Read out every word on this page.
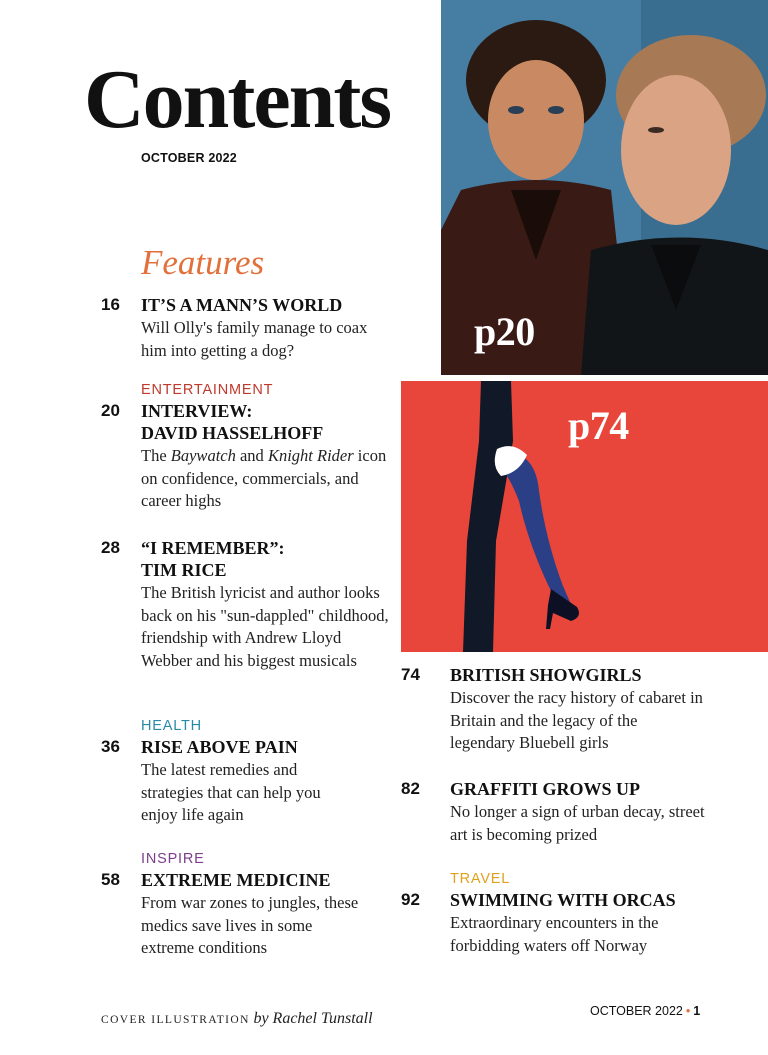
Contents
OCTOBER 2022
Features
16	IT’S A MANN’S WORLD
Will Olly's family manage to coax him into getting a dog?
ENTERTAINMENT
20	INTERVIEW:
DAVID HASSELHOFF
The Baywatch and Knight Rider icon on confidence, commercials, and career highs
28	“I REMEMBER”:
TIM RICE
The British lyricist and author looks back on his "sun-dappled" childhood, friendship with Andrew Lloyd Webber and his biggest musicals
HEALTH
36	RISE ABOVE PAIN
The latest remedies and strategies that can help you enjoy life again
INSPIRE
58	EXTREME MEDICINE
From war zones to jungles, these medics save lives in some extreme conditions
p20
p74
74	BRITISH SHOWGIRLS
Discover the racy history of cabaret in Britain and the legacy of the legendary Bluebell girls
82	GRAFFITI GROWS UP
No longer a sign of urban decay, street art is becoming prized
TRAVEL
92	SWIMMING WITH ORCAS
Extraordinary encounters in the forbidding waters off Norway
COVER ILLUSTRATION by Rachel Tunstall	OCTOBER 2022 • 1
